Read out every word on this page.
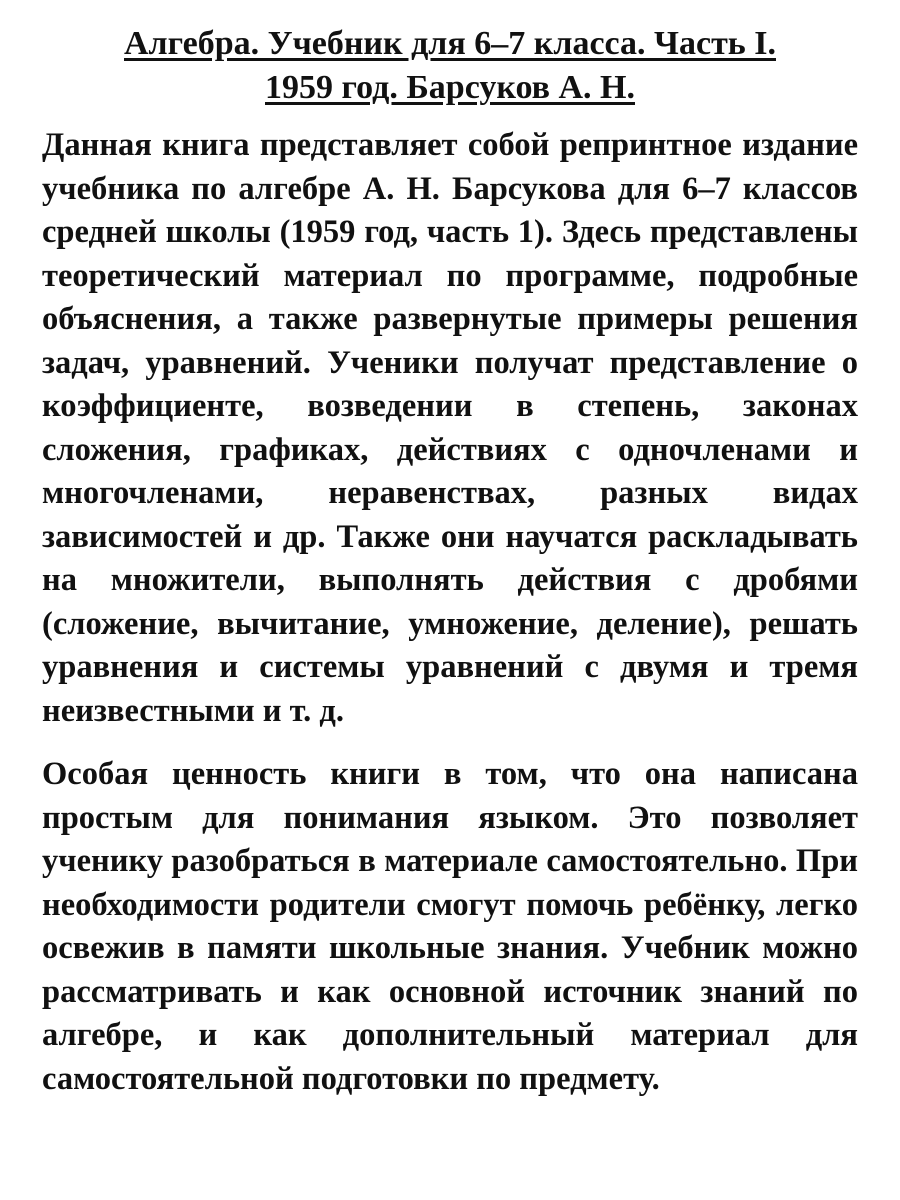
Алгебра. Учебник для 6–7 класса. Часть I.
1959 год. Барсуков А. Н.

Данная книга представляет собой репринтное издание учебника по алгебре А. Н. Барсукова для 6–7 классов средней школы (1959 год, часть 1). Здесь представлены теоретический материал по программе, подробные объяснения, а также развернутые примеры решения задач, уравнений. Ученики получат представление о коэффициенте, возведении в степень, законах сложения, графиках, действиях с одночленами и многочленами, неравенствах, разных видах зависимостей и др. Также они научатся раскладывать на множители, выполнять действия с дробями (сложение, вычитание, умножение, деление), решать уравнения и системы уравнений с двумя и тремя неизвестными и т. д.

Особая ценность книги в том, что она написана простым для понимания языком. Это позволяет ученику разобраться в материале самостоятельно. При необходимости родители смогут помочь ребёнку, легко освежив в памяти школьные знания. Учебник можно рассматривать и как основной источник знаний по алгебре, и как дополнительный материал для самостоятельной подготовки по предмету.
